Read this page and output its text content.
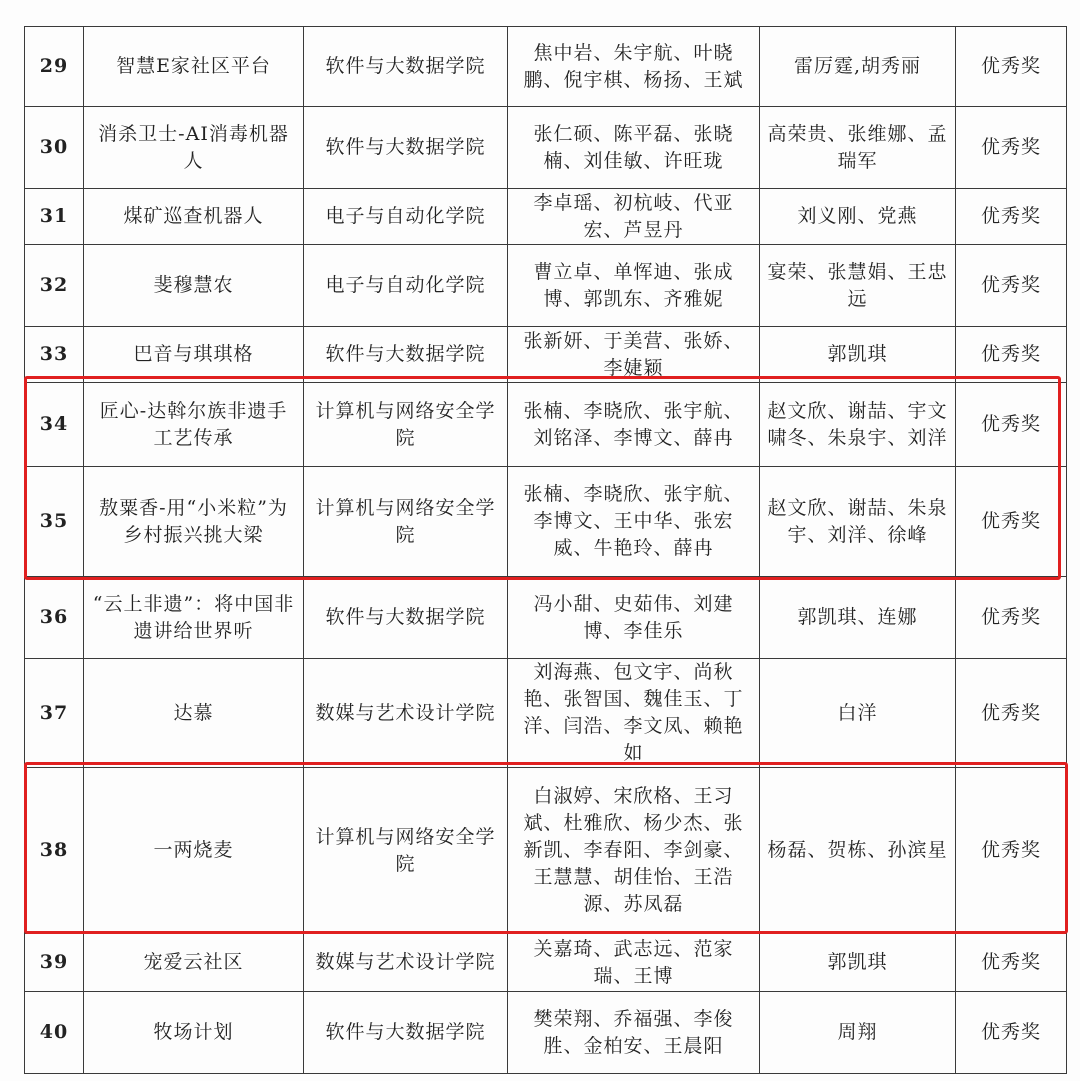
29	智慧E家社区平台	软件与大数据学院	焦中岩、朱宇航、叶晓鹏、倪宇棋、杨扬、王斌	雷厉霆,胡秀丽	优秀奖
30	消杀卫士-AI消毒机器人	软件与大数据学院	张仁硕、陈平磊、张晓楠、刘佳敏、许旺珑	高荣贵、张维娜、孟瑞军	优秀奖
31	煤矿巡查机器人	电子与自动化学院	李卓瑶、初杭岐、代亚宏、芦昱丹	刘义刚、党燕	优秀奖
32	斐穆慧农	电子与自动化学院	曹立卓、单恽迪、张成博、郭凯东、齐雅妮	宴荣、张慧娟、王忠远	优秀奖
33	巴音与琪琪格	软件与大数据学院	张新妍、于美营、张娇、李婕颖	郭凯琪	优秀奖
34	匠心-达斡尔族非遗手工艺传承	计算机与网络安全学院	张楠、李晓欣、张宇航、刘铭泽、李博文、薛冉	赵文欣、谢喆、宇文啸冬、朱泉宇、刘洋	优秀奖
35	敖粟香-用“小米粒”为乡村振兴挑大梁	计算机与网络安全学院	张楠、李晓欣、张宇航、李博文、王中华、张宏威、牛艳玲、薛冉	赵文欣、谢喆、朱泉宇、刘洋、徐峰	优秀奖
36	“云上非遗”：将中国非遗讲给世界听	软件与大数据学院	冯小甜、史茹伟、刘建博、李佳乐	郭凯琪、连娜	优秀奖
37	达慕	数媒与艺术设计学院	刘海燕、包文宇、尚秋艳、张智国、魏佳玉、丁洋、闫浩、李文凤、赖艳如	白洋	优秀奖
38	一两烧麦	计算机与网络安全学院	白淑婷、宋欣格、王习斌、杜雅欣、杨少杰、张新凯、李春阳、李剑豪、王慧慧、胡佳怡、王浩源、苏凤磊	杨磊、贺栋、孙滨星	优秀奖
39	宠爱云社区	数媒与艺术设计学院	关嘉琦、武志远、范家瑞、王博	郭凯琪	优秀奖
40	牧场计划	软件与大数据学院	樊荣翔、乔福强、李俊胜、金柏安、王晨阳	周翔	优秀奖
